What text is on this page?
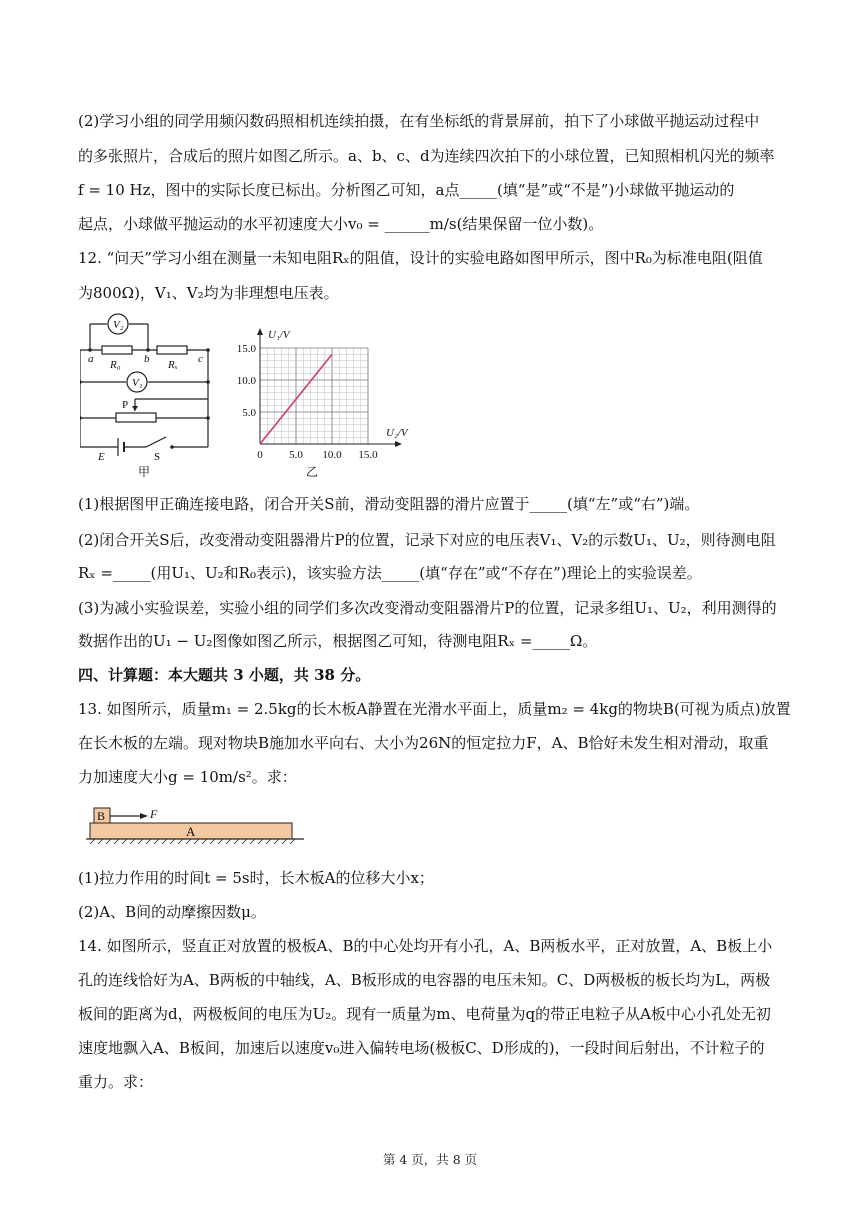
(2)学习小组的同学用频闪数码照相机连续拍摄，在有坐标纸的背景屏前，拍下了小球做平抛运动过程中
的多张照片，合成后的照片如图乙所示。a、b、c、d为连续四次拍下的小球位置，已知照相机闪光的频率
f = 10 Hz，图中的实际长度已标出。分析图乙可知，a点_____(填“是”或“不是”)小球做平抛运动的
起点，小球做平抛运动的水平初速度大小v₀ = ______m/s(结果保留一位小数)。
12. “问天”学习小组在测量一未知电阻Rₓ的阻值，设计的实验电路如图甲所示，图中R₀为标准电阻(阻值
为800Ω)，V₁、V₂均为非理想电压表。
V₂
V₁
a	b	c
R₀	Rₓ
E
P
S
甲
0 5.0 10.0 15.0
5.0
10.0
15.0
U₂/V
U₁/V
乙
(1)根据图甲正确连接电路，闭合开关S前，滑动变阻器的滑片应置于_____(填“左”或“右”)端。
(2)闭合开关S后，改变滑动变阻器滑片P的位置，记录下对应的电压表V₁、V₂的示数U₁、U₂，则待测电阻
Rₓ =_____(用U₁、U₂和R₀表示)，该实验方法_____(填“存在”或“不存在”)理论上的实验误差。
(3)为减小实验误差，实验小组的同学们多次改变滑动变阻器滑片P的位置，记录多组U₁、U₂，利用测得的
数据作出的U₁ − U₂图像如图乙所示，根据图乙可知，待测电阻Rₓ =_____Ω。
四、计算题：本大题共 3 小题，共 38 分。
13. 如图所示，质量m₁ = 2.5kg的长木板A静置在光滑水平面上，质量m₂ = 4kg的物块B(可视为质点)放置
在长木板的左端。现对物块B施加水平向右、大小为26N的恒定拉力F，A、B恰好未发生相对滑动，取重
力加速度大小g = 10m/s²。求：
B	F
A
(1)拉力作用的时间t = 5s时，长木板A的位移大小x；
(2)A、B间的动摩擦因数μ。
14. 如图所示，竖直正对放置的极板A、B的中心处均开有小孔，A、B两板水平，正对放置，A、B板上小
孔的连线恰好为A、B两板的中轴线，A、B板形成的电容器的电压未知。C、D两极板的板长均为L，两极
板间的距离为d，两极板间的电压为U₂。现有一质量为m、电荷量为q的带正电粒子从A板中心小孔处无初
速度地飘入A、B板间，加速后以速度v₀进入偏转电场(极板C、D形成的)，一段时间后射出，不计粒子的
重力。求：
第 4 页，共 8 页
